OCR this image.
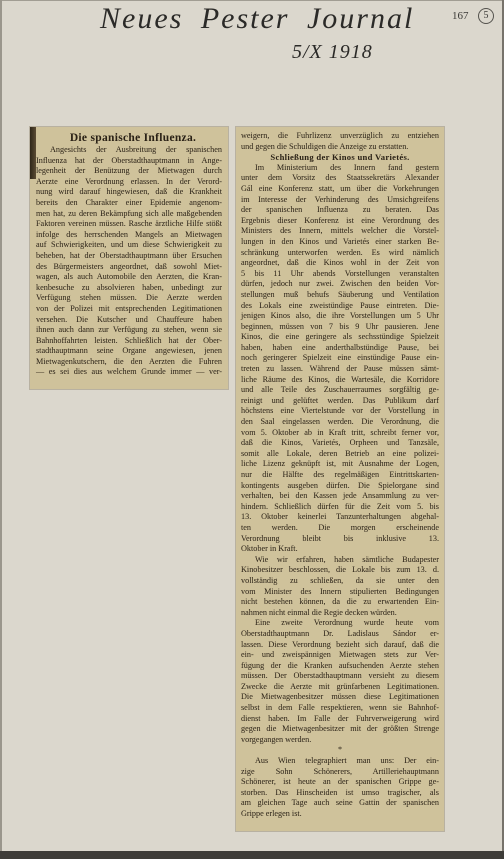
Neues Pester Journal
5/X 1918
167	5
Die spanische Influenza.
Angesichts der Ausbreitung der spanischen
Influenza hat der Oberstadthauptmann in Ange-
legenheit der Benützung der Mietwagen durch
Aerzte eine Verordnung erlassen. In der Verord-
nung wird darauf hingewiesen, daß die Krankheit
bereits den Charakter einer Epidemie angenom-
men hat, zu deren Bekämpfung sich alle maßgebenden
Faktoren vereinen müssen. Rasche ärztliche Hilfe stößt
infolge des herrschenden Mangels an Mietwagen
auf Schwierigkeiten, und um diese Schwierigkeit zu
beheben, hat der Oberstadthauptmann über Ersuchen
des Bürgermeisters angeordnet, daß sowohl Miet-
wagen, als auch Automobile den Aerzten, die Kran-
kenbesuche zu absolvieren haben, unbedingt zur
Verfügung stehen müssen. Die Aerzte werden
von der Polizei mit entsprechenden Legitimationen
versehen. Die Kutscher und Chauffeure haben
ihnen auch dann zur Verfügung zu stehen, wenn sie
Bahnhoffahrten leisten. Schließlich hat der Ober-
stadthauptmann seine Organe angewiesen, jenen
Mietwagenkutschern, die den Aerzten die Fuhren
— es sei dies aus welchem Grunde immer — ver-
weigern, die Fuhrlizenz unverzüglich zu entziehen
und gegen die Schuldigen die Anzeige zu erstatten.
Schließung der Kinos und Varietés.
Im Ministerium des Innern fand gestern
unter dem Vorsitz des Staatssekretärs Alexander
Gál eine Konferenz statt, um über die Vorkehrungen
im Interesse der Verhinderung des Umsichgreifens
der spanischen Influenza zu beraten. Das
Ergebnis dieser Konferenz ist eine Verordnung des
Ministers des Innern, mittels welcher die Vorstel-
lungen in den Kinos und Varietés einer starken Be-
schränkung unterworfen werden. Es wird nämlich
angeordnet, daß die Kinos wohl in der Zeit von
5 bis 11 Uhr abends Vorstellungen veranstalten
dürfen, jedoch nur zwei. Zwischen den beiden Vor-
stellungen muß behufs Säuberung und Ventilation
des Lokals eine zweistündige Pause eintreten. Die-
jenigen Kinos also, die ihre Vorstellungen um 5 Uhr
beginnen, müssen von 7 bis 9 Uhr pausieren. Jene
Kinos, die eine geringere als sechsstündige Spielzeit
haben, haben eine anderthalbstündige Pause, bei
noch geringerer Spielzeit eine einstündige Pause ein-
treten zu lassen. Während der Pause müssen sämt-
liche Räume des Kinos, die Wartesäle, die Korridore
und alle Teile des Zuschauerraumes sorgfältig ge-
reinigt und gelüftet werden. Das Publikum darf
höchstens eine Viertelstunde vor der Vorstellung in
den Saal eingelassen werden. Die Verordnung, die
vom 5. Oktober ab in Kraft tritt, schreibt ferner vor,
daß die Kinos, Varietés, Orpheen und Tanzsäle,
somit alle Lokale, deren Betrieb an eine polizei-
liche Lizenz geknüpft ist, mit Ausnahme der Logen,
nur die Hälfte des regelmäßigen Eintrittskarten-
kontingents ausgeben dürfen. Die Spielorgane sind
verhalten, bei den Kassen jede Ansammlung zu ver-
hindern. Schließlich dürfen für die Zeit vom 5. bis
13. Oktober keinerlei Tanzunterhaltungen abgehal-
ten werden. Die morgen erscheinende
Verordnung bleibt bis inklusive 13.
Oktober in Kraft.
Wie wir erfahren, haben sämtliche Budapester
Kinobesitzer beschlossen, die Lokale bis zum 13. d.
vollständig zu schließen, da sie unter den
vom Minister des Innern stipulierten Bedingungen
nicht bestehen können, da die zu erwartenden Ein-
nahmen nicht einmal die Regie decken würden.
Eine zweite Verordnung wurde heute vom
Oberstadthauptmann Dr. Ladislaus Sándor er-
lassen. Diese Verordnung bezieht sich darauf, daß die
ein- und zweispännigen Mietwagen stets zur Ver-
fügung der die Kranken aufsuchenden Aerzte stehen
müssen. Der Oberstadthauptmann versieht zu diesem
Zwecke die Aerzte mit grünfarbenen Legitimationen.
Die Mietwagenbesitzer müssen diese Legitimationen
selbst in dem Falle respektieren, wenn sie Bahnhof-
dienst haben. Im Falle der Fuhrverweigerung wird
gegen die Mietwagenbesitzer mit der größten Strenge
vorgegangen werden.
*
Aus Wien telegraphiert man uns: Der ein-
zige Sohn Schönerers, Artilleriehauptmann
Schönerer, ist heute an der spanischen Grippe ge-
storben. Das Hinscheiden ist umso tragischer, als
am gleichen Tage auch seine Gattin der spanischen
Grippe erlegen ist.
